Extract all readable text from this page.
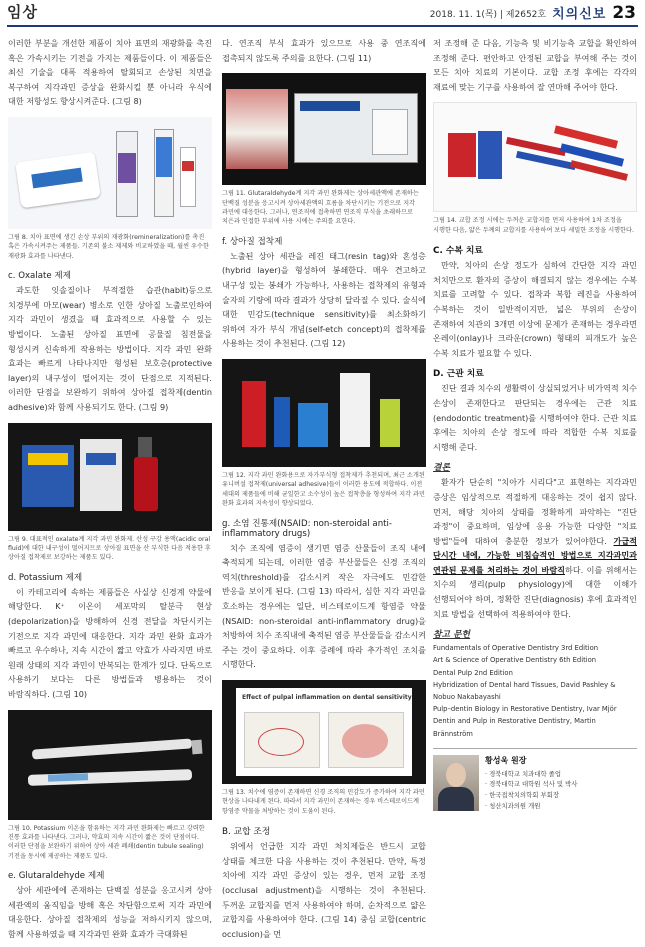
임상	2018. 11. 1(목) | 제2652호 치의신보 23

이러한 부분을 개선한 제품이 치아 표면의 재광화를 촉진 혹은 가속시키는 기전을 가지는 제품들이다. 이 제품들은 최신 기술을 대폭 적용하여 탈회되고 손상된 치면을 복구하여 지각과민 증상을 완화시킬 뿐 아니라 우식에 대한 저항성도 향상시켜준다. (그림 8)

그림 8. 치아 표면에 생긴 손상 부위의 재광화(remineralization)를 촉진 혹은 가속시켜주는 제품들. 기존의 불소 제제와 비교하였을 때, 월씬 우수한 재광화 효과를 나타낸다.
c. Oxalate 제제

과도한 잇솔질이나 부적절한 습관(habit)등으로 치경부에 마모(wear) 병소로 인한 상아질 노출로인하여 지각 과민이 생겼을 때 효과적으로 사용할 수 있는 방법이다. 노출된 상아질 표면에 공물질 침전물을 형성시켜 신속하게 작용하는 방법이다. 지각 과민 완화 효과는 빠르게 나타나지만 형성된 보호층(protective layer)의 내구성이 떨어지는 것이 단점으로 지적된다. 이러한 단점을 보완하기 위하여 상아질 접착제(dentin adhesive)와 함께 사용되기도 한다. (그림 9)

그림 9. 대표적인 oxalate계 지각 과민 완화제. 산성 구강 용액(acidic oral fluid)에 대한 내구성이 떨어지므로 상아질 표면을 산 부식한 다음 적용한 후 상아질 접착제로 보강하는 제품도 있다.
d. Potassium 제제

이 카테고리에 속하는 제품들은 사실상 신경계 약물에 해당한다. K⁺ 이온이 세포막의 탈분극 현상(depolarization)을 방해하여 신경 전달을 차단시키는 기전으로 지각 과민에 대응한다. 지각 과민 완화 효과가 빠르고 우수하나, 지속 시간이 짧고 약효가 사라지면 바로 원래 상태의 지각 과민이 반복되는 한계가 있다. 단독으로 사용하기 보다는 다른 방법들과 병용하는 것이 바람직하다. (그림 10)

그림 10. Potassium 이온을 함유하는 지각 과민 완화제는 빠르고 강력한 진통 효과를 나타낸다. 그러나, 약효의 지속 시간이 짧은 것이 단점이다. 이러한 단점을 보완하기 위하여 상아 세관 폐쇄(dentin tubule sealing) 기전을 동시에 제공하는 제품도 있다.
e. Glutaraldehyde 제제

상아 세관에에 존재하는 단백질 성분을 응고시켜 상아 세관액의 움직임을 방해 혹은 차단함으로써 지각 과민에 대응한다. 상아질 접착제의 성능을 저하시키지 않으며, 함께 사용하였을 때 지각과민 완화 효과가 극대화된

다. 연조직 부식 효과가 있으므로 사용 중 연조직에 접촉되지 않도록 주의를 요한다. (그림 11)

그림 11. Glutaraldehyde계 지각 과민 완화제는 상아세관액에 존재하는 단백질 성분을 응고시켜 상아세관액의 흐름을 차단시키는 기전으로 지각 과민에 대응한다. 그러나, 연조직에 접촉하면 연조직 부식을 초래하므로 치은과 인접한 부위에 사용 시에는 주의를 요한다.
f. 상아질 접착제

노출된 상아 세관을 레진 태그(resin tag)와 혼성층(hybrid layer)을 형성하여 봉쇄한다. 매우 견고하고 내구성 있는 봉쇄가 가능하나, 사용하는 접착제의 유형과 술자의 기량에 따라 결과가 상당히 달라질 수 있다. 술식에 대한 민감도(technique sensitivity)를 최소화하기 위하여 자가 부식 개념(self-etch concept)의 접착제를 사용하는 것이 추천된다. (그림 12)

그림 12. 지각 과민 완화용으로 자가부식형 접착제가 추천되며, 최근 소개된 유니버설 접착제(universal adhesive)들이 이러한 용도에 적합하다. 이전 세대의 제품들에 비해 균일한고 소수성이 높은 접착층을 형성하여 지각 과민 완화 효과의 지속성이 향상되었다.
g. 소염 진통제(NSAID: non-steroidal anti-inflammatory drugs)

치수 조직에 염증이 생기면 염증 산물들이 조직 내에 축적되게 되는데, 이러한 염증 부산물들은 신경 조직의 역치(threshold)를 감소시켜 작은 자극에도 민감한 반응을 보이게 된다. (그림 13) 따라서, 심한 지각 과민을 호소하는 경우에는 일단, 비스테로이드계 항염증 약물(NSAID: non-steroidal anti-inflammatory drug)을 처방하여 치수 조직내에 축적된 염증 부산물들을 감소시켜 주는 것이 중요하다. 이후 증례에 따라 추가적인 조치를 시행한다.

Effect of pulpal inflammation on dental sensitivity
그림 13. 치수에 염증이 존재하면 신경 조직의 민감도가 증가하여 지각 과민 현상을 나타내게 된다. 따라서 지각 과민이 존재하는 경우 비스테로이드계 항염증 약물을 처방하는 것이 도움이 된다.
B. 교합 조정

위에서 언급한 지각 과민 처치제들은 반드시 교합 상태를 체크한 다음 사용하는 것이 추천된다. 만약, 특정 치아에 지각 과민 증상이 있는 경우, 먼저 교합 조정(occlusal adjustment)을 시행하는 것이 추천된다. 두꺼운 교합지를 먼저 사용하여야 하며, 순차적으로 얇은 교합지를 사용하여야 한다. (그림 14) 중심 교합(centric occlusion)을 먼

저 조정해 준 다음, 기능측 및 비기능측 교합을 확인하여 조정해 준다. 편안하고 안정된 교합을 부여해 주는 것이 모든 치아 치료의 기본이다. 교합 조정 후에는 각각의 재료에 맞는 기구를 사용하여 잘 연마해 주어야 한다.

그림 14. 교합 조정 시에는 두꺼운 교합지를 먼저 사용하여 1차 조정을 시행한 다음, 얇은 두께의 교합지를 사용하여 보다 세밀한 조정을 시행한다.
C. 수복 치료

만약, 치아의 손상 정도가 심하여 간단한 지각 과민 처치만으로 환자의 증상이 해결되지 않는 경우에는 수복 치료를 고려할 수 있다. 접착과 복합 레진을 사용하여 수복하는 것이 일반적이지만, 넓은 부위의 손상이 존재하여 치관의 3개면 이상에 문제가 존재하는 경우라면 온레이(onlay)나 크라운(crown) 형태의 피개도가 높은 수복 치료가 필요할 수 있다.

D. 근관 치료

진단 결과 치수의 생활력이 상실되었거나 비가역적 치수 손상이 존재한다고 판단되는 경우에는 근관 치료(endodontic treatment)를 시행하여야 한다. 근관 치료 후에는 치아의 손상 정도에 따라 적합한 수복 치료를 시행해 준다.

결론

환자가 단순히 "치아가 시리다"고 표현하는 지각과민 증상은 임상적으로 적절하게 대응하는 것이 쉽지 않다. 먼저, 해당 치아의 상태를 정확하게 파악하는 "진단 과정"이 중요하며, 임상에 응용 가능한 다양한 "치료 방법"들에 대하여 충분한 정보가 있어야한다. 가급적 단시간 내에, 가능한 비침습적인 방법으로 지각과민과 연관된 문제를 처리하는 것이 바람직하다. 이를 위해서는 치수의 생리(pulp physiology)에 대한 이해가 선행되어야 하며, 정확한 진단(diagnosis) 후에 효과적인 치료 방법을 선택하여 적용하여야 한다.

참고 문헌
Fundamentals of Operative Dentistry 3rd Edition
Art & Science of Operative Dentistry 6th Edition
Dental Pulp 2nd Edition
Hybridization of Dental hard Tissues, David Pashley & Nobuo Nakabayashi
Pulp–dentin Biology in Restorative Dentistry, Ivar Mjör
Dentin and Pulp in Restorative Dentistry, Martin Brännström
황성욱 원장
· 경북대학교 치과대학 졸업
· 경북대학교 대학원 석사 및 박사
· 한국접착치의학회 부회장
· 청산치과의원 개원
